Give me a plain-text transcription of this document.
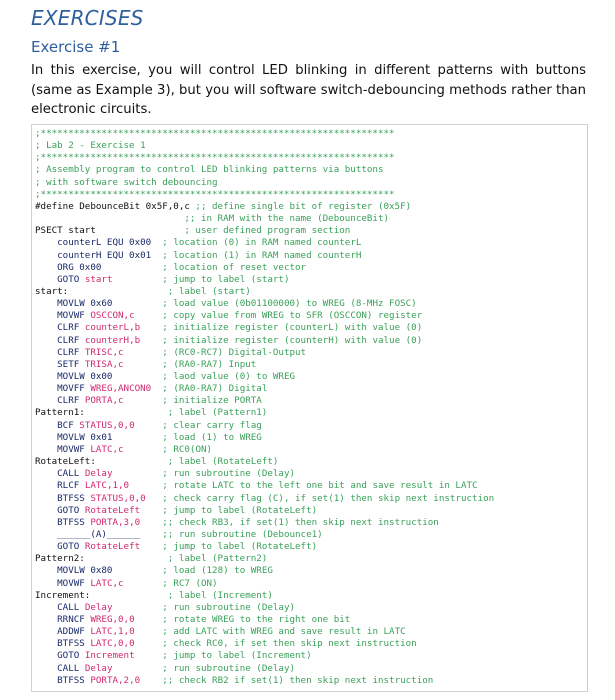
EXERCISES
Exercise #1
In this exercise, you will control LED blinking in different patterns with buttons (same as Example 3), but you will software switch-debouncing methods rather than electronic circuits.
;****************************************************************
; Lab 2 - Exercise 1
;****************************************************************
; Assembly program to control LED blinking patterns via buttons
; with software switch debouncing
;****************************************************************
#define DebounceBit 0x5F,0,c ;; define single bit of register (0x5F)
;; in RAM with the name (DebounceBit)
PSECT start                ; user defined program section
counterL EQU 0x00  ; location (0) in RAM named counterL
counterH EQU 0x01  ; location (1) in RAM named counterH
ORG 0x00           ; location of reset vector
GOTO start         ; jump to label (start)
start:                  ; label (start)
MOVLW 0x60         ; load value (0b01100000) to WREG (8-MHz FOSC)
MOVWF OSCCON,c     ; copy value from WREG to SFR (OSCCON) register
CLRF counterL,b    ; initialize register (counterL) with value (0)
CLRF counterH,b    ; initialize register (counterH) with value (0)
CLRF TRISC,c       ; (RC0-RC7) Digital-Output
SETF TRISA,c       ; (RA0-RA7) Input
MOVLW 0x00         ; laod value (0) to WREG
MOVFF WREG,ANCON0  ; (RA0-RA7) Digital
CLRF PORTA,c       ; initialize PORTA
Pattern1:               ; label (Pattern1)
BCF STATUS,0,0     ; clear carry flag
MOVLW 0x01         ; load (1) to WREG
MOVWF LATC,c       ; RC0(ON)
RotateLeft:             ; label (RotateLeft)
CALL Delay         ; run subroutine (Delay)
RLCF LATC,1,0      ; rotate LATC to the left one bit and save result in LATC
BTFSS STATUS,0,0   ; check carry flag (C), if set(1) then skip next instruction
GOTO RotateLeft    ; jump to label (RotateLeft)
BTFSS PORTA,3,0    ;; check RB3, if set(1) then skip next instruction
______(A)______    ;; run subroutine (Debounce1)
GOTO RotateLeft    ; jump to label (RotateLeft)
Pattern2:               ; label (Pattern2)
MOVLW 0x80         ; load (128) to WREG
MOVWF LATC,c       ; RC7 (ON)
Increment:              ; label (Increment)
CALL Delay         ; run subroutine (Delay)
RRNCF WREG,0,0     ; rotate WREG to the right one bit
ADDWF LATC,1,0     ; add LATC with WREG and save result in LATC
BTFSS LATC,0,0     ; check RC0, if set then skip next instruction
GOTO Increment     ; jump to label (Increment)
CALL Delay         ; run subroutine (Delay)
BTFSS PORTA,2,0    ;; check RB2 if set(1) then skip next instruction
